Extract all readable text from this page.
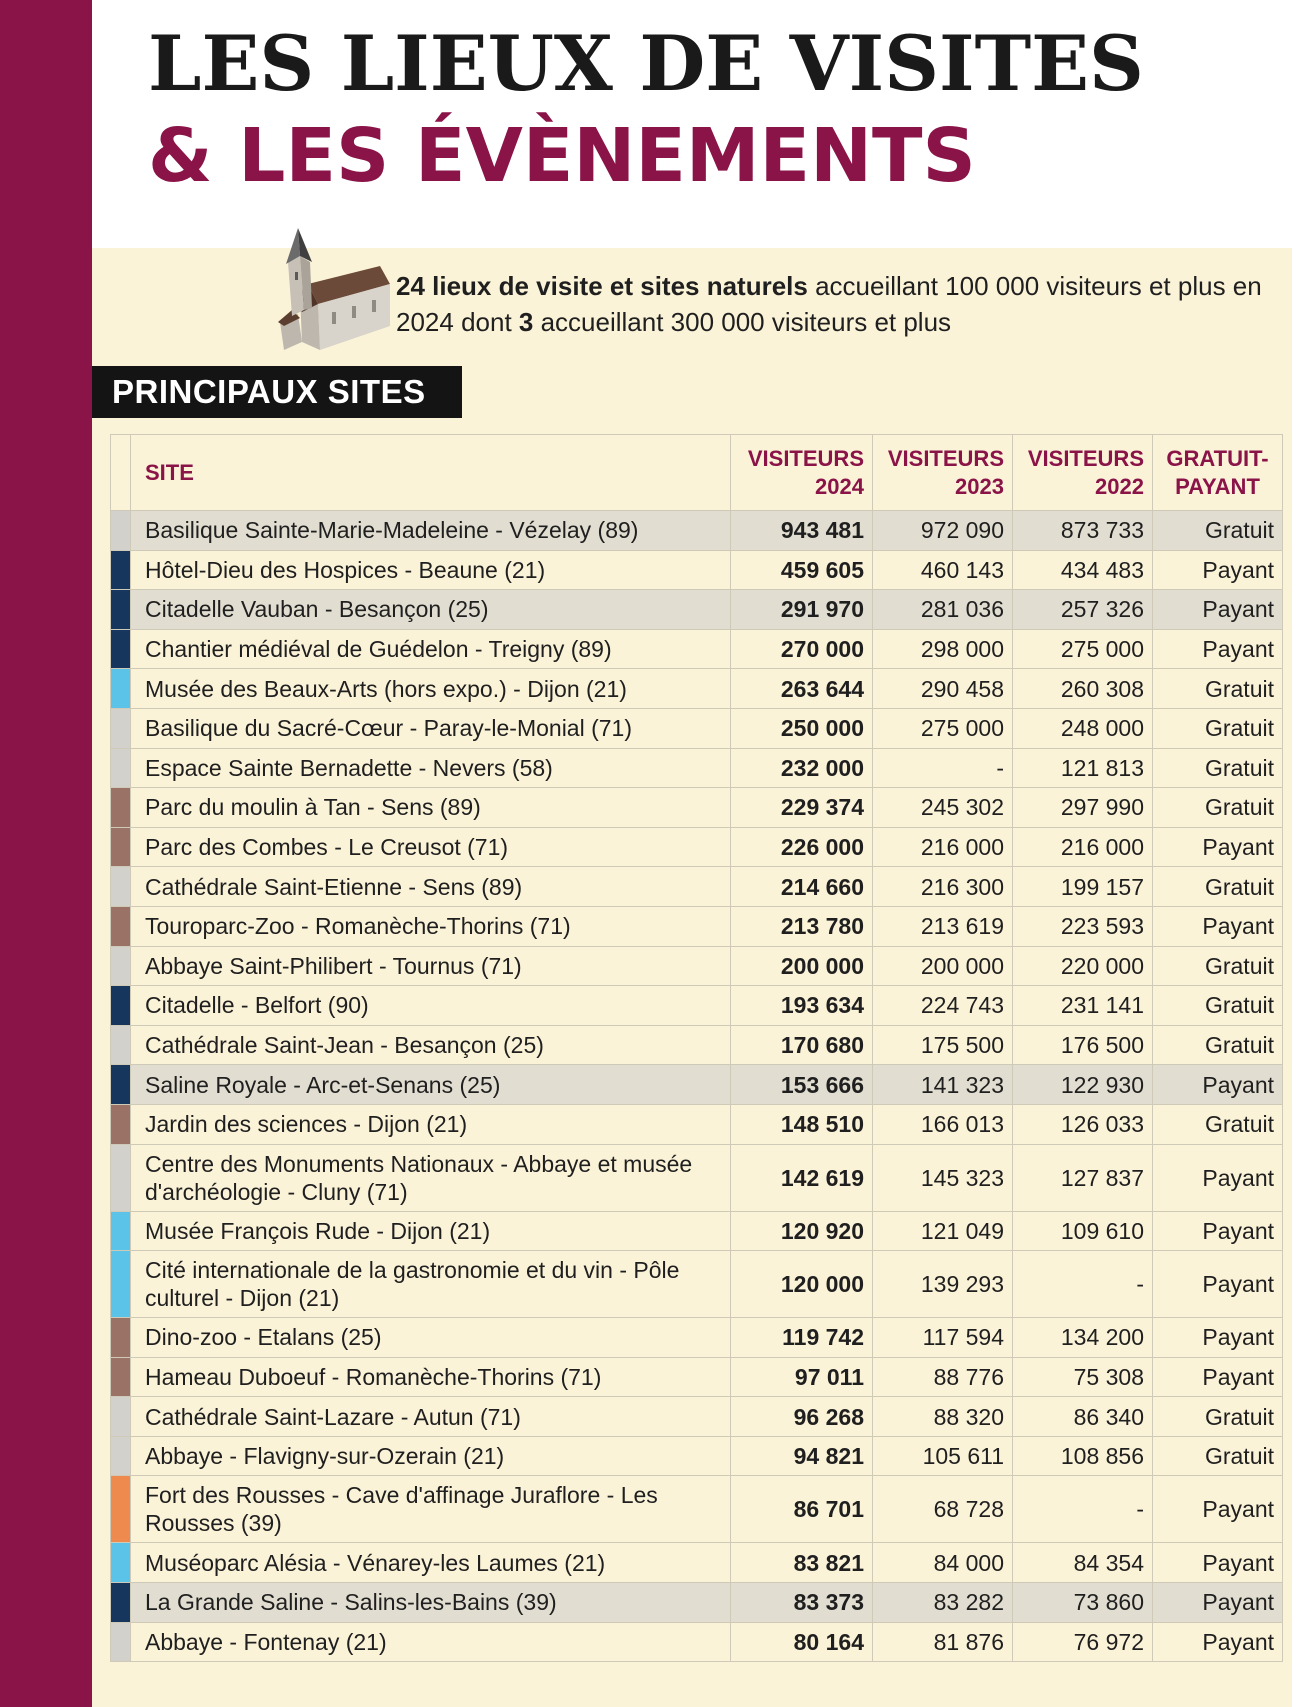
LES LIEUX DE VISITES
& LES ÉVÈNEMENTS

24 lieux de visite et sites naturels accueillant 100 000 visiteurs et plus en 2024 dont 3 accueillant 300 000 visiteurs et plus

PRINCIPAUX SITES
	SITE	VISITEURS 2024	VISITEURS 2023	VISITEURS 2022	GRATUIT-PAYANT
	Basilique Sainte-Marie-Madeleine - Vézelay (89)	943 481	972 090	873 733	Gratuit
	Hôtel-Dieu des Hospices - Beaune (21)	459 605	460 143	434 483	Payant
	Citadelle Vauban - Besançon (25)	291 970	281 036	257 326	Payant
	Chantier médiéval de Guédelon - Treigny (89)	270 000	298 000	275 000	Payant
	Musée des Beaux-Arts (hors expo.) - Dijon (21)	263 644	290 458	260 308	Gratuit
	Basilique du Sacré-Cœur - Paray-le-Monial (71)	250 000	275 000	248 000	Gratuit
	Espace Sainte Bernadette - Nevers (58)	232 000	-	121 813	Gratuit
	Parc du moulin à Tan - Sens (89)	229 374	245 302	297 990	Gratuit
	Parc des Combes - Le Creusot (71)	226 000	216 000	216 000	Payant
	Cathédrale Saint-Etienne - Sens (89)	214 660	216 300	199 157	Gratuit
	Touroparc-Zoo - Romanèche-Thorins (71)	213 780	213 619	223 593	Payant
	Abbaye Saint-Philibert - Tournus (71)	200 000	200 000	220 000	Gratuit
	Citadelle - Belfort (90)	193 634	224 743	231 141	Gratuit
	Cathédrale Saint-Jean - Besançon (25)	170 680	175 500	176 500	Gratuit
	Saline Royale - Arc-et-Senans (25)	153 666	141 323	122 930	Payant
	Jardin des sciences - Dijon (21)	148 510	166 013	126 033	Gratuit
	Centre des Monuments Nationaux - Abbaye et musée d'archéologie - Cluny (71)	142 619	145 323	127 837	Payant
	Musée François Rude - Dijon (21)	120 920	121 049	109 610	Payant
	Cité internationale de la gastronomie et du vin - Pôle culturel - Dijon (21)	120 000	139 293	-	Payant
	Dino-zoo - Etalans (25)	119 742	117 594	134 200	Payant
	Hameau Duboeuf - Romanèche-Thorins (71)	97 011	88 776	75 308	Payant
	Cathédrale Saint-Lazare - Autun (71)	96 268	88 320	86 340	Gratuit
	Abbaye - Flavigny-sur-Ozerain (21)	94 821	105 611	108 856	Gratuit
	Fort des Rousses - Cave d'affinage Juraflore - Les Rousses (39)	86 701	68 728	-	Payant
	Muséoparc Alésia - Vénarey-les Laumes (21)	83 821	84 000	84 354	Payant
	La Grande Saline - Salins-les-Bains (39)	83 373	83 282	73 860	Payant
	Abbaye - Fontenay (21)	80 164	81 876	76 972	Payant
